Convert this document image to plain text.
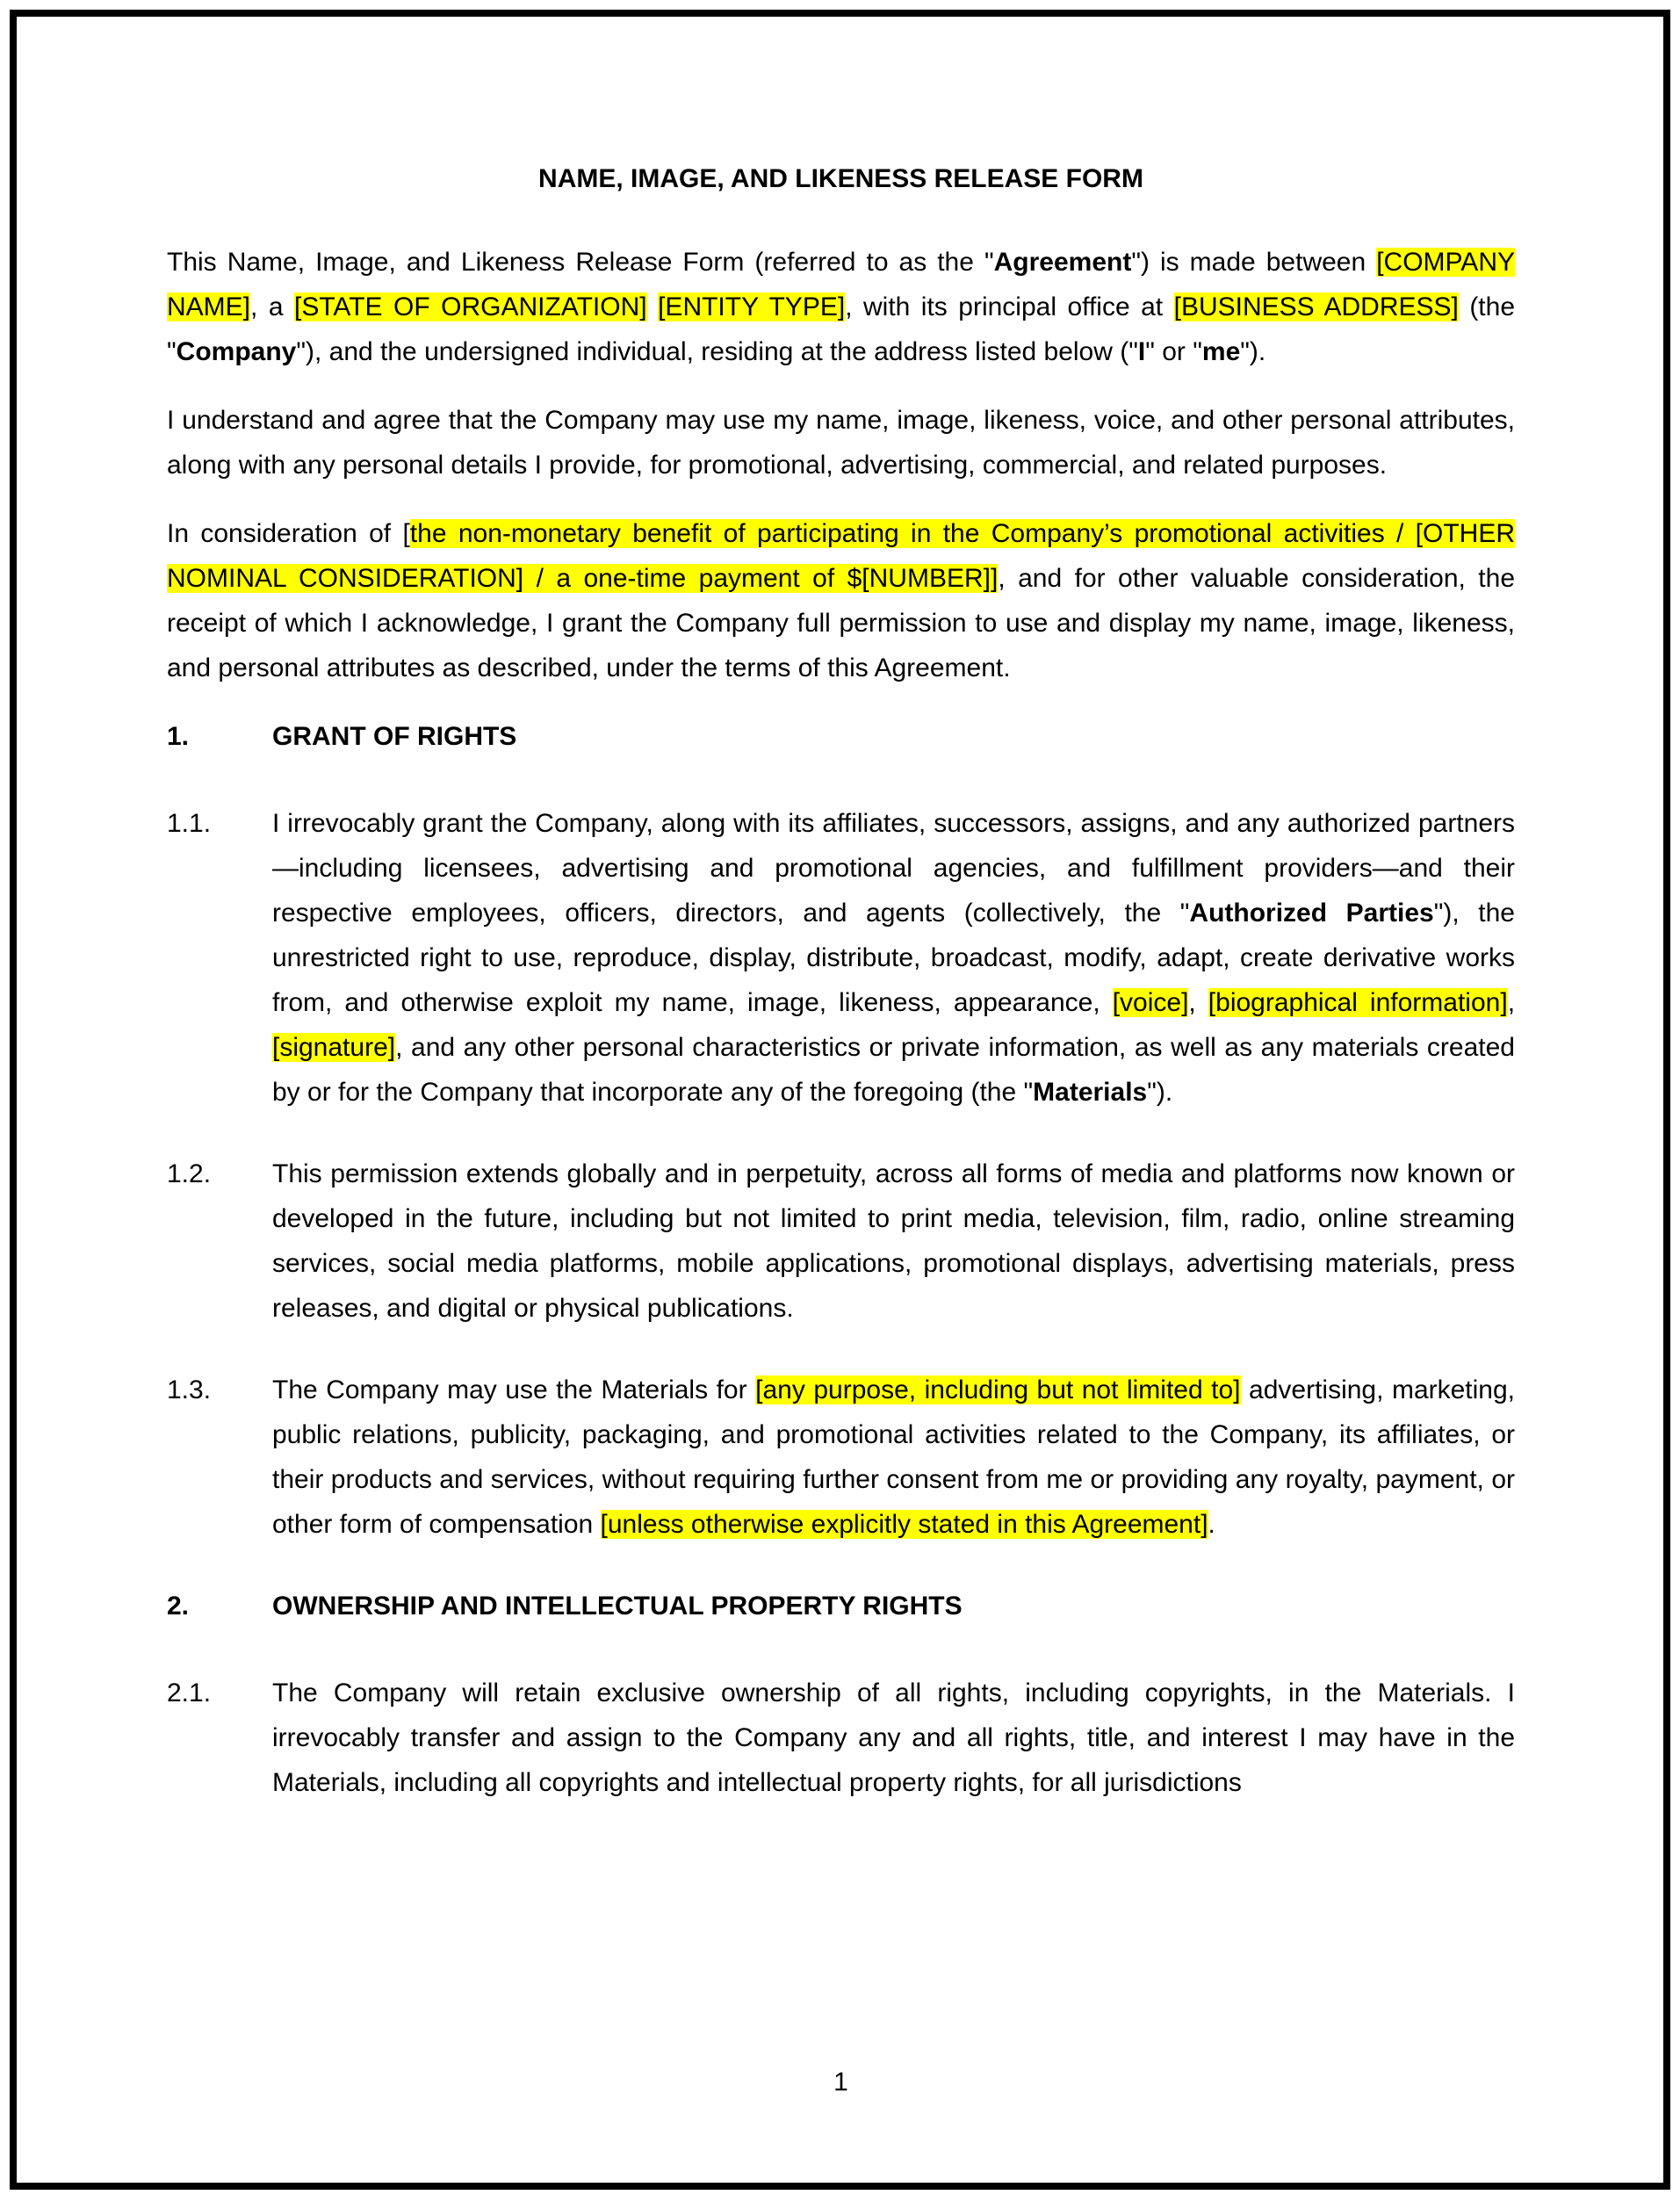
NAME, IMAGE, AND LIKENESS RELEASE FORM

This Name, Image, and Likeness Release Form (referred to as the "Agreement") is made between [COMPANY NAME], a [STATE OF ORGANIZATION] [ENTITY TYPE], with its principal office at [BUSINESS ADDRESS] (the "Company"), and the undersigned individual, residing at the address listed below ("I" or "me").

I understand and agree that the Company may use my name, image, likeness, voice, and other personal attributes, along with any personal details I provide, for promotional, advertising, commercial, and related purposes.

In consideration of [the non-monetary benefit of participating in the Company’s promotional activities / [OTHER NOMINAL CONSIDERATION] / a one-time payment of $[NUMBER]], and for other valuable consideration, the receipt of which I acknowledge, I grant the Company full permission to use and display my name, image, likeness, and personal attributes as described, under the terms of this Agreement.

1.	GRANT OF RIGHTS
1.1.	I irrevocably grant the Company, along with its affiliates, successors, assigns, and any authorized partners—including licensees, advertising and promotional agencies, and fulfillment providers—and their respective employees, officers, directors, and agents (collectively, the "Authorized Parties"), the unrestricted right to use, reproduce, display, distribute, broadcast, modify, adapt, create derivative works from, and otherwise exploit my name, image, likeness, appearance, [voice], [biographical information], [signature], and any other personal characteristics or private information, as well as any materials created by or for the Company that incorporate any of the foregoing (the "Materials").
1.2.	This permission extends globally and in perpetuity, across all forms of media and platforms now known or developed in the future, including but not limited to print media, television, film, radio, online streaming services, social media platforms, mobile applications, promotional displays, advertising materials, press releases, and digital or physical publications.
1.3.	The Company may use the Materials for [any purpose, including but not limited to] advertising, marketing, public relations, publicity, packaging, and promotional activities related to the Company, its affiliates, or their products and services, without requiring further consent from me or providing any royalty, payment, or other form of compensation [unless otherwise explicitly stated in this Agreement].
2.	OWNERSHIP AND INTELLECTUAL PROPERTY RIGHTS
2.1.	The Company will retain exclusive ownership of all rights, including copyrights, in the Materials. I irrevocably transfer and assign to the Company any and all rights, title, and interest I may have in the Materials, including all copyrights and intellectual property rights, for all jurisdictions
1
